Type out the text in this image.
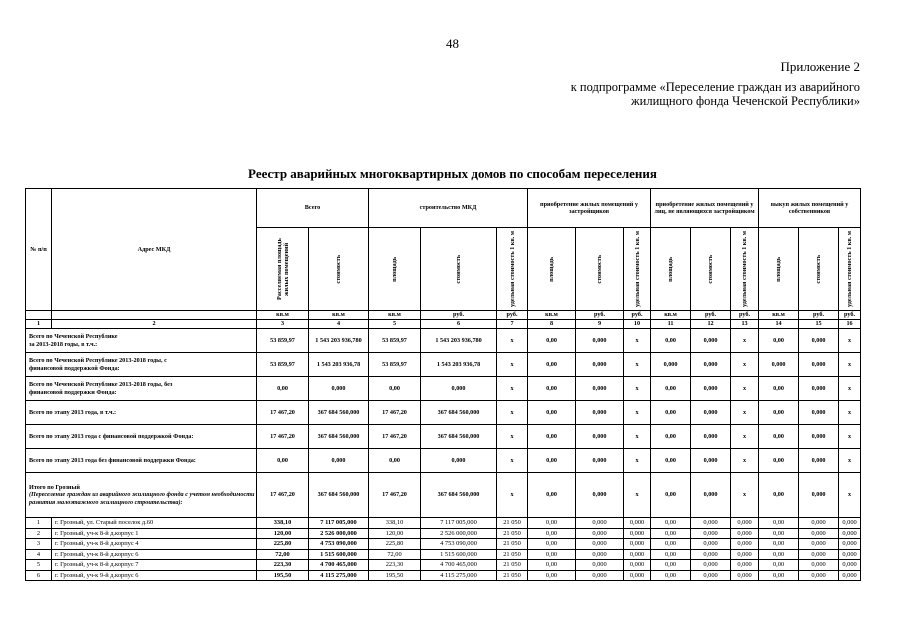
48
Приложение 2
к подпрограмме «Переселение граждан из аварийного
жилищного фонда Чеченской Республики»
Реестр аварийных многоквартирных домов по способам переселения
№ п/п	Адрес МКД	Всего		строительство МКД			приобретение жилых помещений у застройщиков			приобретение жилых помещений у лиц, не являющихся застройщиком			выкуп жилых помещений у собственников		

		Расселяемая площадь жилых помещений	стоимость	площадь	стоимость	удельная стоимость 1 кв. м	площадь	стоимость	удельная стоимость 1 кв. м	площадь	стоимость	удельная стоимость 1 кв. м	площадь	стоимость	удельная стоимость 1 кв. м

		кв.м	кв.м	кв.м	руб.	руб.	кв.м	руб.	руб.	кв.м	руб.	руб.	кв.м	руб.	руб.
1	2	3	4	5	6	7	8	9	10	11	12	13	14	15	16

Всего по Чеченской Республике
за 2013-2018 годы, в т.ч.:		53 859,97	1 543 203 936,780	53 859,97	1 543 203 936,780	x	0,00	0,000	x	0,00	0,000	x	0,00	0,000	x

Всего по Чеченской Республике 2013-2018 годы, с
финансовой поддержкой Фонда:		53 859,97	1 543 203 936,78	53 859,97	1 543 203 936,78	x	0,00	0,000	x	0,000	0,000	x	0,000	0,000	x

Всего по Чеченской Республике 2013-2018 годы, без
финансовой поддержки Фонда:		0,00	0,000	0,00	0,000	x	0,00	0,000	x	0,00	0,000	x	0,00	0,000	x

Всего по этапу 2013 года, в т.ч.:		17 467,20	367 684 560,000	17 467,20	367 684 560,000	x	0,00	0,000	x	0,00	0,000	x	0,00	0,000	x

Всего по этапу 2013 года с финансовой поддержкой Фонда:		17 467,20	367 684 560,000	17 467,20	367 684 560,000	x	0,00	0,000	x	0,00	0,000	x	0,00	0,000	x

Всего по этапу 2013 года без финансовой поддержки Фонда:		0,00	0,000	0,00	0,000	x	0,00	0,000	x	0,00	0,000	x	0,00	0,000	x

Итого по Грозный
(Переселение граждан из аварийного жилищного фонда с учетом необходимости развития малоэтажного жилищного строительства):		17 467,20	367 684 560,000	17 467,20	367 684 560,000	x	0,00	0,000	x	0,00	0,000	x	0,00	0,000	x
1	г. Грозный, ул. Старый поселок д.60	338,10	7 117 005,000	338,10	7 117 005,000	21 050	0,00	0,000	0,000	0,00	0,000	0,000	0,00	0,000	0,000
2	г. Грозный, уч-к 8-й д.корпус 1	120,00	2 526 000,000	120,00	2 526 000,000	21 050	0,00	0,000	0,000	0,00	0,000	0,000	0,00	0,000	0,000
3	г. Грозный, уч-к 8-й д.корпус 4	225,80	4 753 090,000	225,80	4 753 090,000	21 050	0,00	0,000	0,000	0,00	0,000	0,000	0,00	0,000	0,000
4	г. Грозный, уч-к 8-й д.корпус 6	72,00	1 515 600,000	72,00	1 515 600,000	21 050	0,00	0,000	0,000	0,00	0,000	0,000	0,00	0,000	0,000
5	г. Грозный, уч-к 8-й д.корпус 7	223,30	4 700 465,000	223,30	4 700 465,000	21 050	0,00	0,000	0,000	0,00	0,000	0,000	0,00	0,000	0,000
6	г. Грозный, уч-к 9-й д.корпус 6	195,50	4 115 275,000	195,50	4 115 275,000	21 050	0,00	0,000	0,000	0,00	0,000	0,000	0,00	0,000	0,000
